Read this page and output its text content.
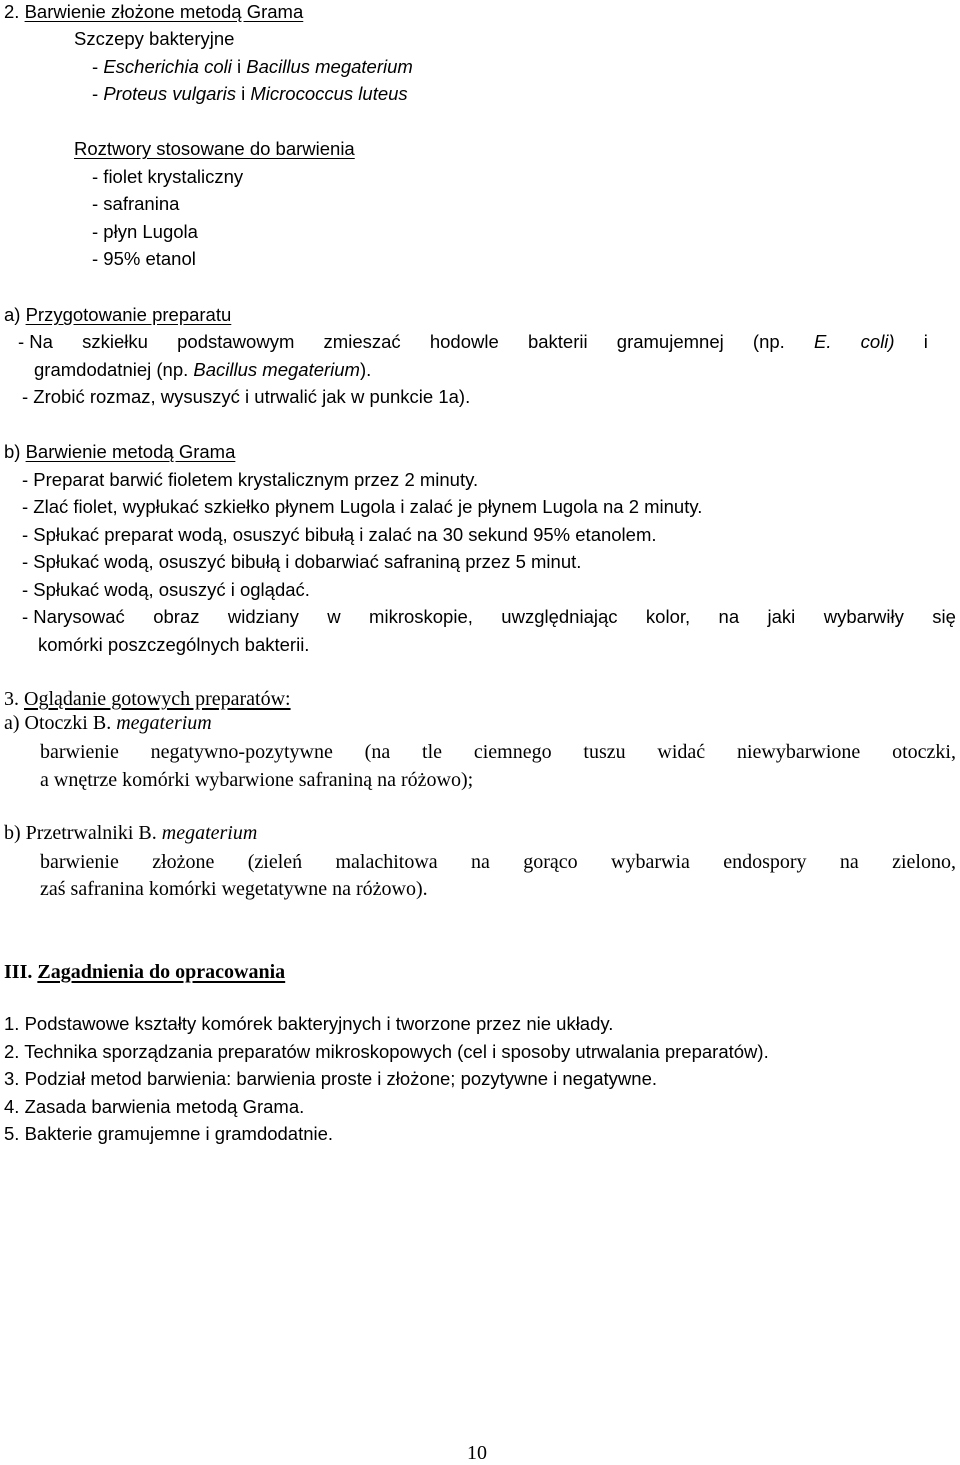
2. Barwienie złożone metodą Grama
Szczepy bakteryjne
- Escherichia coli i Bacillus megaterium
- Proteus vulgaris i Micrococcus luteus
Roztwory stosowane do barwienia
- fiolet krystaliczny
- safranina
- płyn Lugola
- 95% etanol
a) Przygotowanie preparatu
- Na szkiełku podstawowym zmieszać hodowle bakterii gramujemnej (np. E. coli) i
gramdodatniej (np. Bacillus megaterium).
- Zrobić rozmaz, wysuszyć i utrwalić jak w punkcie 1a).
b) Barwienie metodą Grama
- Preparat barwić fioletem krystalicznym przez 2 minuty.
- Zlać fiolet, wypłukać szkiełko płynem Lugola i zalać je płynem Lugola na 2 minuty.
- Spłukać preparat wodą, osuszyć bibułą i zalać na 30 sekund 95% etanolem.
- Spłukać wodą, osuszyć bibułą i dobarwiać safraniną przez 5 minut.
- Spłukać wodą, osuszyć i oglądać.
- Narysować obraz widziany w mikroskopie, uwzględniając kolor, na jaki wybarwiły się
komórki poszczególnych bakterii.
3. Oglądanie gotowych preparatów:
a) Otoczki B. megaterium
barwienie negatywno-pozytywne (na tle ciemnego tuszu widać niewybarwione otoczki,
a wnętrze komórki wybarwione safraniną na różowo);
b) Przetrwalniki B. megaterium
barwienie złożone (zieleń malachitowa na gorąco wybarwia endospory na zielono,
zaś safranina komórki wegetatywne na różowo).
III. Zagadnienia do opracowania
1. Podstawowe kształty komórek bakteryjnych i tworzone przez nie układy.
2. Technika sporządzania preparatów mikroskopowych (cel i sposoby utrwalania preparatów).
3. Podział metod barwienia: barwienia proste i złożone; pozytywne i negatywne.
4. Zasada barwienia metodą Grama.
5. Bakterie gramujemne i gramdodatnie.
10
